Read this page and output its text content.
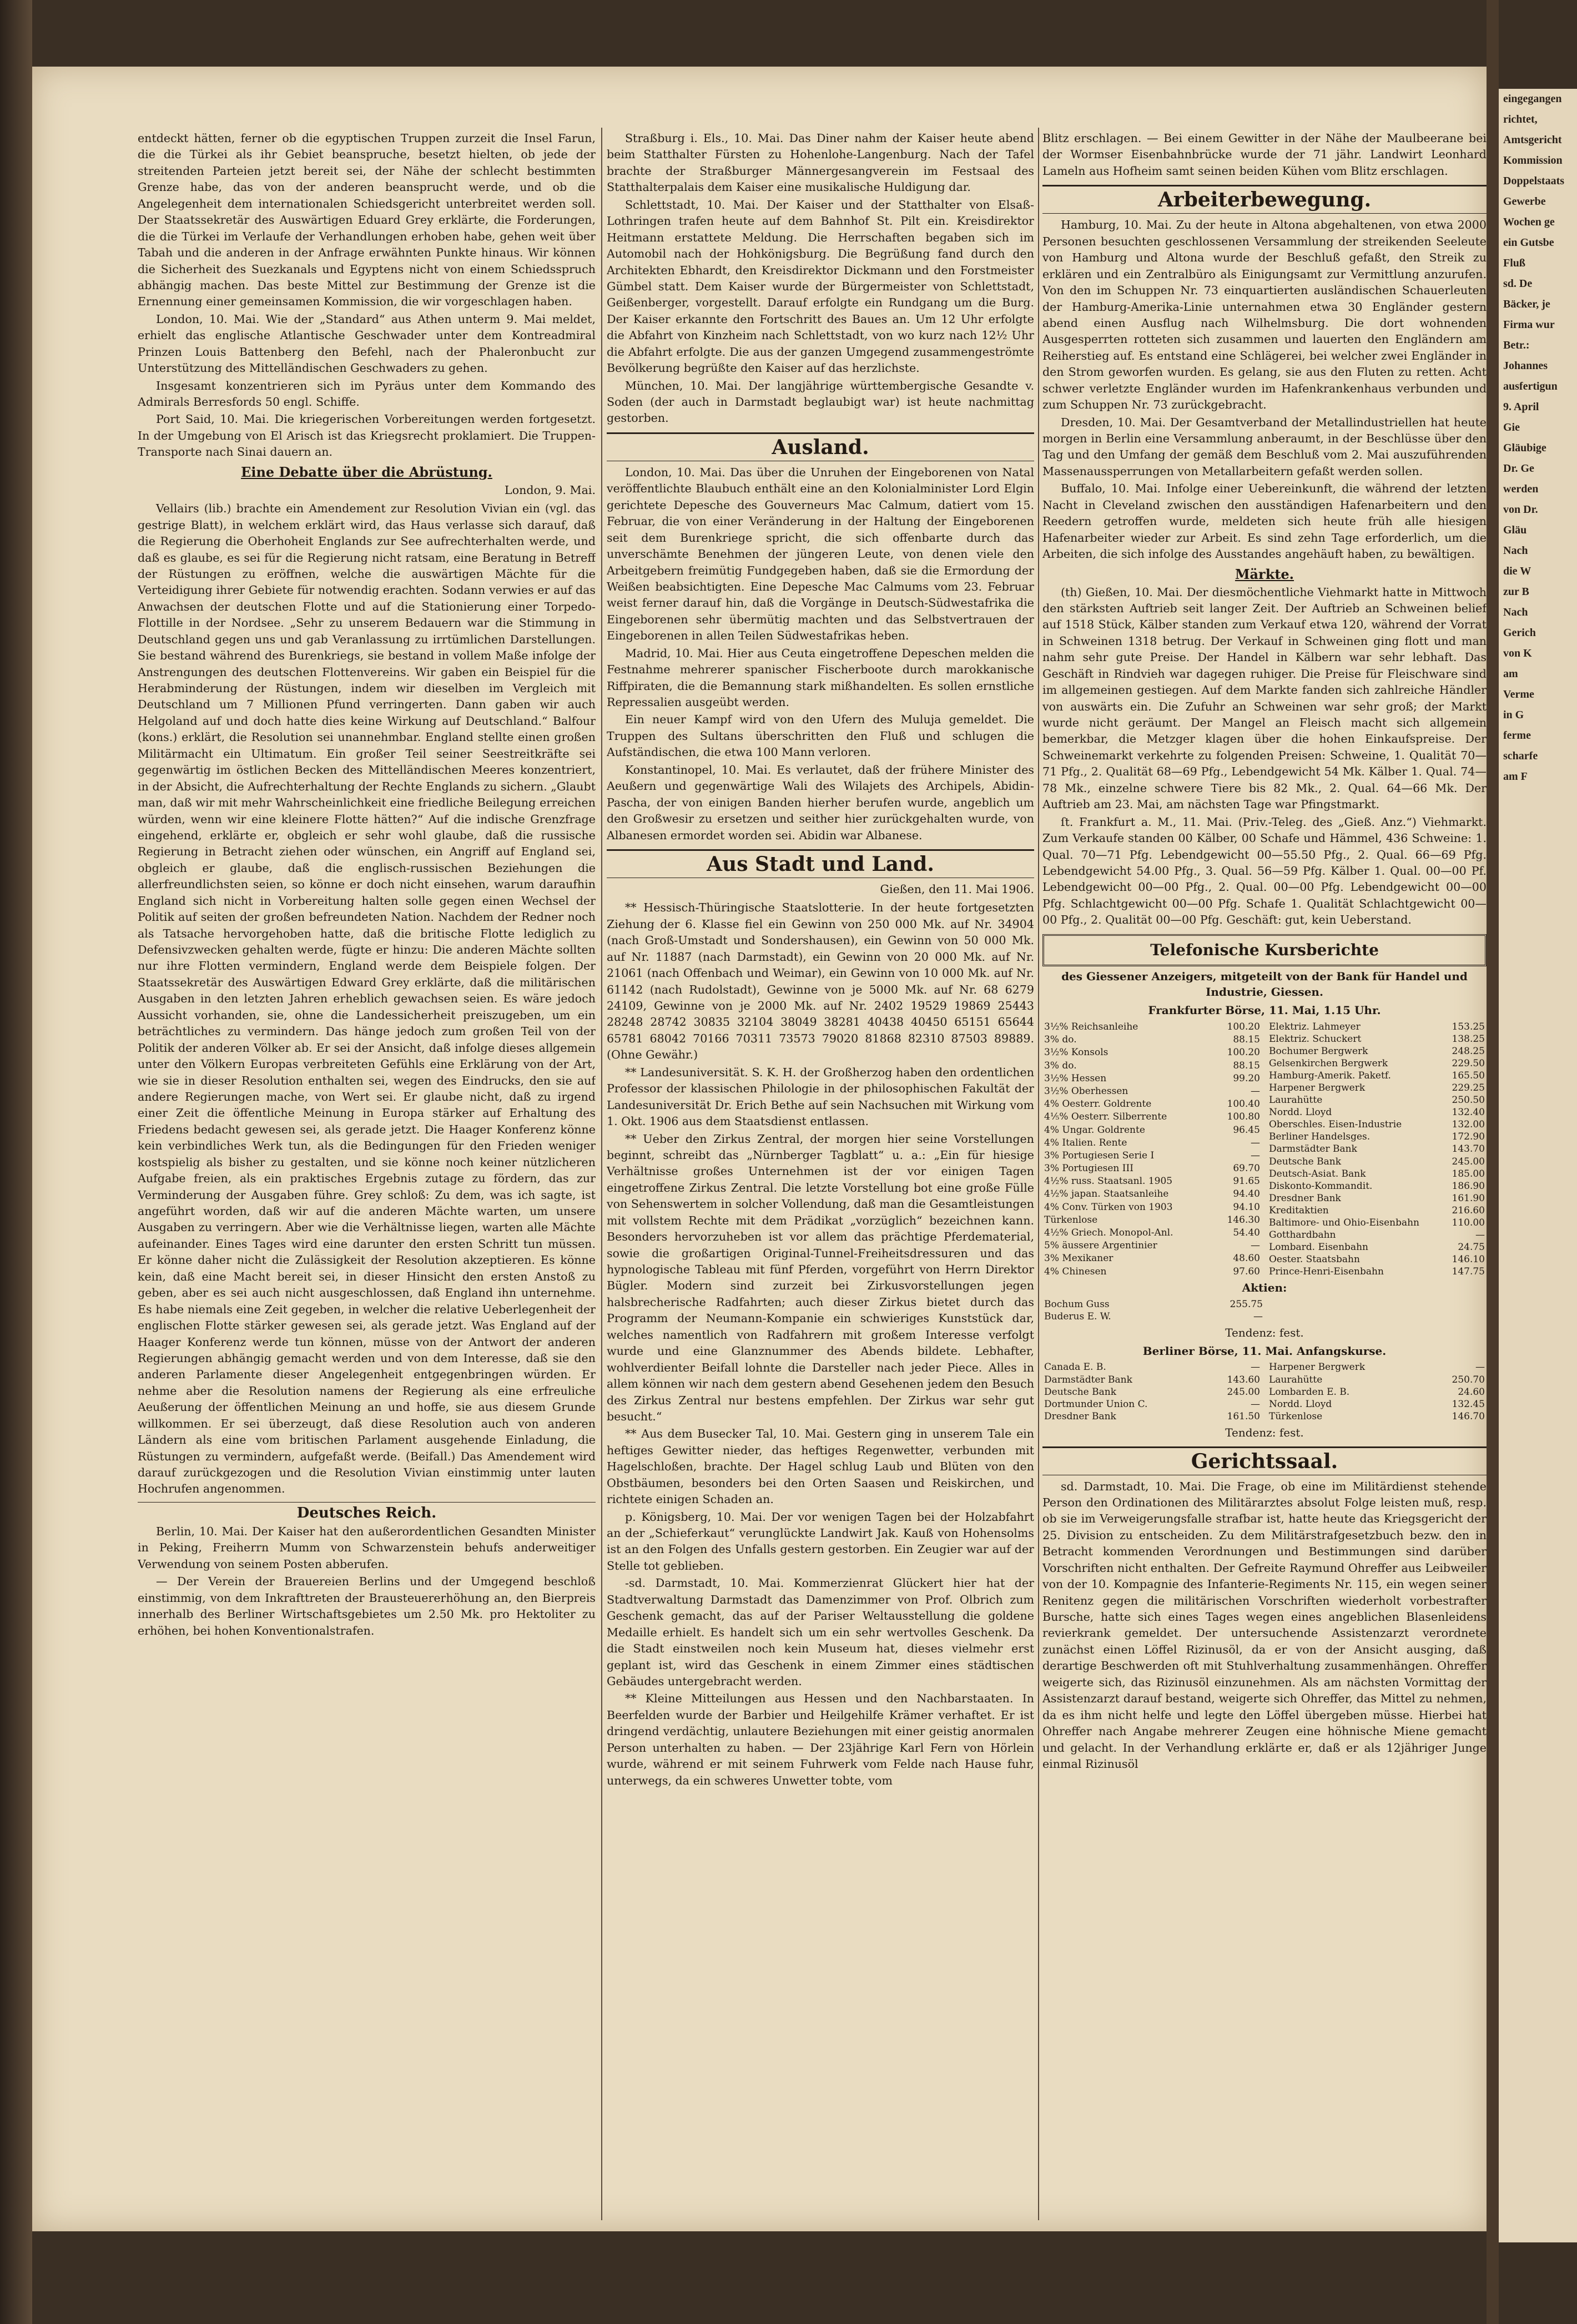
entdeckt hätten, ferner ob die egyptischen Truppen zurzeit die Insel Farun, die die Türkei als ihr Gebiet beanspruche, besetzt hielten, ob jede der streitenden Parteien jetzt bereit sei, der Nähe der schlecht bestimmten Grenze habe, das von der anderen beansprucht werde, und ob die Angelegenheit dem internationalen Schiedsgericht unterbreitet werden soll. Der Staatssekretär des Auswärtigen Eduard Grey erklärte, die Forderungen, die die Türkei im Verlaufe der Verhandlungen erhoben habe, gehen weit über Tabah und die anderen in der Anfrage erwähnten Punkte hinaus. Wir können die Sicherheit des Suezkanals und Egyptens nicht von einem Schiedsspruch abhängig machen. Das beste Mittel zur Bestimmung der Grenze ist die Ernennung einer gemeinsamen Kommission, die wir vorgeschlagen haben.

London, 10. Mai. Wie der „Standard“ aus Athen unterm 9. Mai meldet, erhielt das englische Atlantische Geschwader unter dem Kontreadmiral Prinzen Louis Battenberg den Befehl, nach der Phaleronbucht zur Unterstützung des Mittelländischen Geschwaders zu gehen.

Insgesamt konzentrieren sich im Pyräus unter dem Kommando des Admirals Berresfords 50 engl. Schiffe.

Port Said, 10. Mai. Die kriegerischen Vorbereitungen werden fortgesetzt. In der Umgebung von El Arisch ist das Kriegsrecht proklamiert. Die Truppen-Transporte nach Sinai dauern an.

Eine Debatte über die Abrüstung.
London, 9. Mai.

Vellairs (lib.) brachte ein Amendement zur Resolution Vivian ein (vgl. das gestrige Blatt), in welchem erklärt wird, das Haus verlasse sich darauf, daß die Regierung die Oberhoheit Englands zur See aufrechterhalten werde, und daß es glaube, es sei für die Regierung nicht ratsam, eine Beratung in Betreff der Rüstungen zu eröffnen, welche die auswärtigen Mächte für die Verteidigung ihrer Gebiete für notwendig erachten. Sodann verwies er auf das Anwachsen der deutschen Flotte und auf die Stationierung einer Torpedo-Flottille in der Nordsee. „Sehr zu unserem Bedauern war die Stimmung in Deutschland gegen uns und gab Veranlassung zu irrtümlichen Darstellungen. Sie bestand während des Burenkriegs, sie bestand in vollem Maße infolge der Anstrengungen des deutschen Flottenvereins. Wir gaben ein Beispiel für die Herabminderung der Rüstungen, indem wir dieselben im Vergleich mit Deutschland um 7 Millionen Pfund verringerten. Dann gaben wir auch Helgoland auf und doch hatte dies keine Wirkung auf Deutschland.“ Balfour (kons.) erklärt, die Resolution sei unannehmbar. England stellte einen großen Militärmacht ein Ultimatum. Ein großer Teil seiner Seestreitkräfte sei gegenwärtig im östlichen Becken des Mittelländischen Meeres konzentriert, in der Absicht, die Aufrechterhaltung der Rechte Englands zu sichern. „Glaubt man, daß wir mit mehr Wahrscheinlichkeit eine friedliche Beilegung erreichen würden, wenn wir eine kleinere Flotte hätten?“ Auf die indische Grenzfrage eingehend, erklärte er, obgleich er sehr wohl glaube, daß die russische Regierung in Betracht ziehen oder wünschen, ein Angriff auf England sei, obgleich er glaube, daß die englisch-russischen Beziehungen die allerfreundlichsten seien, so könne er doch nicht einsehen, warum daraufhin England sich nicht in Vorbereitung halten solle gegen einen Wechsel der Politik auf seiten der großen befreundeten Nation. Nachdem der Redner noch als Tatsache hervorgehoben hatte, daß die britische Flotte lediglich zu Defensivzwecken gehalten werde, fügte er hinzu: Die anderen Mächte sollten nur ihre Flotten vermindern, England werde dem Beispiele folgen. Der Staatssekretär des Auswärtigen Edward Grey erklärte, daß die militärischen Ausgaben in den letzten Jahren erheblich gewachsen seien. Es wäre jedoch Aussicht vorhanden, sie, ohne die Landessicherheit preiszugeben, um ein beträchtliches zu vermindern. Das hänge jedoch zum großen Teil von der Politik der anderen Völker ab. Er sei der Ansicht, daß infolge dieses allgemein unter den Völkern Europas verbreiteten Gefühls eine Erklärung von der Art, wie sie in dieser Resolution enthalten sei, wegen des Eindrucks, den sie auf andere Regierungen mache, von Wert sei. Er glaube nicht, daß zu irgend einer Zeit die öffentliche Meinung in Europa stärker auf Erhaltung des Friedens bedacht gewesen sei, als gerade jetzt. Die Haager Konferenz könne kein verbindliches Werk tun, als die Bedingungen für den Frieden weniger kostspielig als bisher zu gestalten, und sie könne noch keiner nützlicheren Aufgabe freien, als ein praktisches Ergebnis zutage zu fördern, das zur Verminderung der Ausgaben führe. Grey schloß: Zu dem, was ich sagte, ist angeführt worden, daß wir auf die anderen Mächte warten, um unsere Ausgaben zu verringern. Aber wie die Verhältnisse liegen, warten alle Mächte aufeinander. Eines Tages wird eine darunter den ersten Schritt tun müssen. Er könne daher nicht die Zulässigkeit der Resolution akzeptieren. Es könne kein, daß eine Macht bereit sei, in dieser Hinsicht den ersten Anstoß zu geben, aber es sei auch nicht ausgeschlossen, daß England ihn unternehme. Es habe niemals eine Zeit gegeben, in welcher die relative Ueberlegenheit der englischen Flotte stärker gewesen sei, als gerade jetzt. Was England auf der Haager Konferenz werde tun können, müsse von der Antwort der anderen Regierungen abhängig gemacht werden und von dem Interesse, daß sie den anderen Parlamente dieser Angelegenheit entgegenbringen würden. Er nehme aber die Resolution namens der Regierung als eine erfreuliche Aeußerung der öffentlichen Meinung an und hoffe, sie aus diesem Grunde willkommen. Er sei überzeugt, daß diese Resolution auch von anderen Ländern als eine vom britischen Parlament ausgehende Einladung, die Rüstungen zu vermindern, aufgefaßt werde. (Beifall.) Das Amendement wird darauf zurückgezogen und die Resolution Vivian einstimmig unter lauten Hochrufen angenommen.

Deutsches Reich.

Berlin, 10. Mai. Der Kaiser hat den außerordentlichen Gesandten Minister in Peking, Freiherrn Mumm von Schwarzenstein behufs anderweitiger Verwendung von seinem Posten abberufen.

— Der Verein der Brauereien Berlins und der Umgegend beschloß einstimmig, von dem Inkrafttreten der Brausteuererhöhung an, den Bierpreis innerhalb des Berliner Wirtschaftsgebietes um 2.50 Mk. pro Hektoliter zu erhöhen, bei hohen Konventionalstrafen.

Straßburg i. Els., 10. Mai. Das Diner nahm der Kaiser heute abend beim Statthalter Fürsten zu Hohenlohe-Langenburg. Nach der Tafel brachte der Straßburger Männergesangverein im Festsaal des Statthalterpalais dem Kaiser eine musikalische Huldigung dar.

Schlettstadt, 10. Mai. Der Kaiser und der Statthalter von Elsaß-Lothringen trafen heute auf dem Bahnhof St. Pilt ein. Kreisdirektor Heitmann erstattete Meldung. Die Herrschaften begaben sich im Automobil nach der Hohkönigsburg. Die Begrüßung fand durch den Architekten Ebhardt, den Kreisdirektor Dickmann und den Forstmeister Gümbel statt. Dem Kaiser wurde der Bürgermeister von Schlettstadt, Geißenberger, vorgestellt. Darauf erfolgte ein Rundgang um die Burg. Der Kaiser erkannte den Fortschritt des Baues an. Um 12 Uhr erfolgte die Abfahrt von Kinzheim nach Schlettstadt, von wo kurz nach 12½ Uhr die Abfahrt erfolgte. Die aus der ganzen Umgegend zusammengeströmte Bevölkerung begrüßte den Kaiser auf das herzlichste.

München, 10. Mai. Der langjährige württembergische Gesandte v. Soden (der auch in Darmstadt beglaubigt war) ist heute nachmittag gestorben.

Ausland.

London, 10. Mai. Das über die Unruhen der Eingeborenen von Natal veröffentlichte Blaubuch enthält eine an den Kolonialminister Lord Elgin gerichtete Depesche des Gouverneurs Mac Calmum, datiert vom 15. Februar, die von einer Veränderung in der Haltung der Eingeborenen seit dem Burenkriege spricht, die sich offenbarte durch das unverschämte Benehmen der jüngeren Leute, von denen viele den Arbeitgebern freimütig Fundgegeben haben, daß sie die Ermordung der Weißen beabsichtigten. Eine Depesche Mac Calmums vom 23. Februar weist ferner darauf hin, daß die Vorgänge in Deutsch-Südwestafrika die Eingeborenen sehr übermütig machten und das Selbstvertrauen der Eingeborenen in allen Teilen Südwestafrikas heben.

Madrid, 10. Mai. Hier aus Ceuta eingetroffene Depeschen melden die Festnahme mehrerer spanischer Fischerboote durch marokkanische Riffpiraten, die die Bemannung stark mißhandelten. Es sollen ernstliche Repressalien ausgeübt werden.

Ein neuer Kampf wird von den Ufern des Muluja gemeldet. Die Truppen des Sultans überschritten den Fluß und schlugen die Aufständischen, die etwa 100 Mann verloren.

Konstantinopel, 10. Mai. Es verlautet, daß der frühere Minister des Aeußern und gegenwärtige Wali des Wilajets des Archipels, Abidin-Pascha, der von einigen Banden hierher berufen wurde, angeblich um den Großwesir zu ersetzen und seither hier zurückgehalten wurde, von Albanesen ermordet worden sei. Abidin war Albanese.

Aus Stadt und Land.
Gießen, den 11. Mai 1906.

** Hessisch-Thüringische Staatslotterie. In der heute fortgesetzten Ziehung der 6. Klasse fiel ein Gewinn von 250 000 Mk. auf Nr. 34904 (nach Groß-Umstadt und Sondershausen), ein Gewinn von 50 000 Mk. auf Nr. 11887 (nach Darmstadt), ein Gewinn von 20 000 Mk. auf Nr. 21061 (nach Offenbach und Weimar), ein Gewinn von 10 000 Mk. auf Nr. 61142 (nach Rudolstadt), Gewinne von je 5000 Mk. auf Nr. 68 6279 24109, Gewinne von je 2000 Mk. auf Nr. 2402 19529 19869 25443 28248 28742 30835 32104 38049 38281 40438 40450 65151 65644 65781 68042 70166 70311 73573 79020 81868 82310 87503 89889. (Ohne Gewähr.)

** Landesuniversität. S. K. H. der Großherzog haben den ordentlichen Professor der klassischen Philologie in der philosophischen Fakultät der Landesuniversität Dr. Erich Bethe auf sein Nachsuchen mit Wirkung vom 1. Okt. 1906 aus dem Staatsdienst entlassen.

** Ueber den Zirkus Zentral, der morgen hier seine Vorstellungen beginnt, schreibt das „Nürnberger Tagblatt“ u. a.: „Ein für hiesige Verhältnisse großes Unternehmen ist der vor einigen Tagen eingetroffene Zirkus Zentral. Die letzte Vorstellung bot eine große Fülle von Sehenswertem in solcher Vollendung, daß man die Gesamtleistungen mit vollstem Rechte mit dem Prädikat „vorzüglich“ bezeichnen kann. Besonders hervorzuheben ist vor allem das prächtige Pferdematerial, sowie die großartigen Original-Tunnel-Freiheitsdressuren und das hypnologische Tableau mit fünf Pferden, vorgeführt von Herrn Direktor Bügler. Modern sind zurzeit bei Zirkusvorstellungen jegen halsbrecherische Radfahrten; auch dieser Zirkus bietet durch das Programm der Neumann-Kompanie ein schwieriges Kunststück dar, welches namentlich von Radfahrern mit großem Interesse verfolgt wurde und eine Glanznummer des Abends bildete. Lebhafter, wohlverdienter Beifall lohnte die Darsteller nach jeder Piece. Alles in allem können wir nach dem gestern abend Gesehenen jedem den Besuch des Zirkus Zentral nur bestens empfehlen. Der Zirkus war sehr gut besucht.“

** Aus dem Busecker Tal, 10. Mai. Gestern ging in unserem Tale ein heftiges Gewitter nieder, das heftiges Regenwetter, verbunden mit Hagelschloßen, brachte. Der Hagel schlug Laub und Blüten von den Obstbäumen, besonders bei den Orten Saasen und Reiskirchen, und richtete einigen Schaden an.

p. Königsberg, 10. Mai. Der vor wenigen Tagen bei der Holzabfahrt an der „Schieferkaut“ verunglückte Landwirt Jak. Kauß von Hohensolms ist an den Folgen des Unfalls gestern gestorben. Ein Zeugier war auf der Stelle tot geblieben.

-sd. Darmstadt, 10. Mai. Kommerzienrat Glückert hier hat der Stadtverwaltung Darmstadt das Damenzimmer von Prof. Olbrich zum Geschenk gemacht, das auf der Pariser Weltausstellung die goldene Medaille erhielt. Es handelt sich um ein sehr wertvolles Geschenk. Da die Stadt einstweilen noch kein Museum hat, dieses vielmehr erst geplant ist, wird das Geschenk in einem Zimmer eines städtischen Gebäudes untergebracht werden.

** Kleine Mitteilungen aus Hessen und den Nachbarstaaten. In Beerfelden wurde der Barbier und Heilgehilfe Krämer verhaftet. Er ist dringend verdächtig, unlautere Beziehungen mit einer geistig anormalen Person unterhalten zu haben. — Der 23jährige Karl Fern von Hörlein wurde, während er mit seinem Fuhrwerk vom Felde nach Hause fuhr, unterwegs, da ein schweres Unwetter tobte, vom

Blitz erschlagen. — Bei einem Gewitter in der Nähe der Maulbeerane bei der Wormser Eisenbahnbrücke wurde der 71 jähr. Landwirt Leonhard Lameln aus Hofheim samt seinen beiden Kühen vom Blitz erschlagen.

Arbeiterbewegung.

Hamburg, 10. Mai. Zu der heute in Altona abgehaltenen, von etwa 2000 Personen besuchten geschlossenen Versammlung der streikenden Seeleute von Hamburg und Altona wurde der Beschluß gefaßt, den Streik zu erklären und ein Zentralbüro als Einigungsamt zur Vermittlung anzurufen. Von den im Schuppen Nr. 73 einquartierten ausländischen Schauerleuten der Hamburg-Amerika-Linie unternahmen etwa 30 Engländer gestern abend einen Ausflug nach Wilhelmsburg. Die dort wohnenden Ausgesperrten rotteten sich zusammen und lauerten den Engländern am Reiherstieg auf. Es entstand eine Schlägerei, bei welcher zwei Engländer in den Strom geworfen wurden. Es gelang, sie aus den Fluten zu retten. Acht schwer verletzte Engländer wurden im Hafenkrankenhaus verbunden und zum Schuppen Nr. 73 zurückgebracht.

Dresden, 10. Mai. Der Gesamtverband der Metallindustriellen hat heute morgen in Berlin eine Versammlung anberaumt, in der Beschlüsse über den Tag und den Umfang der gemäß dem Beschluß vom 2. Mai auszuführenden Massenaussperrungen von Metallarbeitern gefaßt werden sollen.

Buffalo, 10. Mai. Infolge einer Uebereinkunft, die während der letzten Nacht in Cleveland zwischen den ausständigen Hafenarbeitern und den Reedern getroffen wurde, meldeten sich heute früh alle hiesigen Hafenarbeiter wieder zur Arbeit. Es sind zehn Tage erforderlich, um die Arbeiten, die sich infolge des Ausstandes angehäuft haben, zu bewältigen.

Märkte.

(th) Gießen, 10. Mai. Der diesmöchentliche Viehmarkt hatte in Mittwoch den stärksten Auftrieb seit langer Zeit. Der Auftrieb an Schweinen belief auf 1518 Stück, Kälber standen zum Verkauf etwa 120, während der Vorrat in Schweinen 1318 betrug. Der Verkauf in Schweinen ging flott und man nahm sehr gute Preise. Der Handel in Kälbern war sehr lebhaft. Das Geschäft in Rindvieh war dagegen ruhiger. Die Preise für Fleischware sind im allgemeinen gestiegen. Auf dem Markte fanden sich zahlreiche Händler von auswärts ein. Die Zufuhr an Schweinen war sehr groß; der Markt wurde nicht geräumt. Der Mangel an Fleisch macht sich allgemein bemerkbar, die Metzger klagen über die hohen Einkaufspreise. Der Schweinemarkt verkehrte zu folgenden Preisen: Schweine, 1. Qualität 70—71 Pfg., 2. Qualität 68—69 Pfg., Lebendgewicht 54 Mk. Kälber 1. Qual. 74—78 Mk., einzelne schwere Tiere bis 82 Mk., 2. Qual. 64—66 Mk. Der Auftrieb am 23. Mai, am nächsten Tage war Pfingstmarkt.

ſt. Frankfurt a. M., 11. Mai. (Priv.-Teleg. des „Gieß. Anz.“) Viehmarkt. Zum Verkaufe standen 00 Kälber, 00 Schafe und Hämmel, 436 Schweine: 1. Qual. 70—71 Pfg. Lebendgewicht 00—55.50 Pfg., 2. Qual. 66—69 Pfg. Lebendgewicht 54.00 Pfg., 3. Qual. 56—59 Pfg. Kälber 1. Qual. 00—00 Pf. Lebendgewicht 00—00 Pfg., 2. Qual. 00—00 Pfg. Lebendgewicht 00—00 Pfg. Schlachtgewicht 00—00 Pfg. Schafe 1. Qualität Schlachtgewicht 00—00 Pfg., 2. Qualität 00—00 Pfg. Geschäft: gut, kein Ueberstand.

Telefonische Kursberichte
des Giessener Anzeigers, mitgeteilt von der Bank für Handel und Industrie, Giessen.
Frankfurter Börse, 11. Mai, 1.15 Uhr.
3½% Reichsanleihe	100.20
3% do.	88.15
3½% Konsols	100.20
3% do.	88.15
3½% Hessen	99.20
3½% Oberhessen	—
4% Oesterr. Goldrente	100.40
4⅕% Oesterr. Silberrente	100.80
4% Ungar. Goldrente	96.45
4% Italien. Rente	—
3% Portugiesen Serie I	—
3% Portugiesen III	69.70
4½% russ. Staatsanl. 1905	91.65
4½% japan. Staatsanleihe	94.40
4% Conv. Türken von 1903	94.10
Türkenlose	146.30
4½% Griech. Monopol-Anl.	54.40
5% äussere Argentinier	—
3% Mexikaner	48.60
4% Chinesen	97.60
Elektriz. Lahmeyer	153.25
Elektriz. Schuckert	138.25
Bochumer Bergwerk	248.25
Gelsenkirchen Bergwerk	229.50
Hamburg-Amerik. Paketf.	165.50
Harpener Bergwerk	229.25
Laurahütte	250.50
Nordd. Lloyd	132.40
Oberschles. Eisen-Industrie	132.00
Berliner Handelsges.	172.90
Darmstädter Bank	143.70
Deutsche Bank	245.00
Deutsch-Asiat. Bank	185.00
Diskonto-Kommandit.	186.90
Dresdner Bank	161.90
Kreditaktien	216.60
Baltimore- und Ohio-Eisenbahn	110.00
Gotthardbahn	—
Lombard. Eisenbahn	24.75
Oester. Staatsbahn	146.10
Prince-Henri-Eisenbahn	147.75
Aktien:
Bochum Guss	255.75
Buderus E. W.	—
Tendenz: fest.
Berliner Börse, 11. Mai. Anfangskurse.
Canada E. B.	—
Darmstädter Bank	143.60
Deutsche Bank	245.00
Dortmunder Union C.	—
Dresdner Bank	161.50
Harpener Bergwerk	—
Laurahütte	250.70
Lombarden E. B.	24.60
Nordd. Lloyd	132.45
Türkenlose	146.70
Tendenz: fest.
Gerichtssaal.

sd. Darmstadt, 10. Mai. Die Frage, ob eine im Militärdienst stehende Person den Ordinationen des Militärarztes absolut Folge leisten muß, resp. ob sie im Verweigerungsfalle strafbar ist, hatte heute das Kriegsgericht der 25. Division zu entscheiden. Zu dem Militärstrafgesetzbuch bezw. den in Betracht kommenden Verordnungen und Bestimmungen sind darüber Vorschriften nicht enthalten. Der Gefreite Raymund Ohreffer aus Leibweiler von der 10. Kompagnie des Infanterie-Regiments Nr. 115, ein wegen seiner Renitenz gegen die militärischen Vorschriften wiederholt vorbestrafter Bursche, hatte sich eines Tages wegen eines angeblichen Blasenleidens revierkrank gemeldet. Der untersuchende Assistenzarzt verordnete zunächst einen Löffel Rizinusöl, da er von der Ansicht ausging, daß derartige Beschwerden oft mit Stuhlverhaltung zusammenhängen. Ohreffer weigerte sich, das Rizinusöl einzunehmen. Als am nächsten Vormittag der Assistenzarzt darauf bestand, weigerte sich Ohreffer, das Mittel zu nehmen, da es ihm nicht helfe und legte den Löffel übergeben müsse. Hierbei hat Ohreffer nach Angabe mehrerer Zeugen eine höhnische Miene gemacht und gelacht. In der Verhandlung erklärte er, daß er als 12jähriger Junge einmal Rizinusöl

eingegangen
richtet,
Amtsgericht
Kommission
Doppelstaats
Gewerbe
Wochen ge
ein Gutsbe
Fluß
sd. De
Bäcker, je
Firma wur
Betr.:
Johannes
ausfertigun
9. April
Gie
Gläubige
Dr. Ge
werden
von Dr.
Gläu
Nach
die W
zur B
Nach
Gerich
von K
am
Verme
in G
ferme
scharfe
am F
